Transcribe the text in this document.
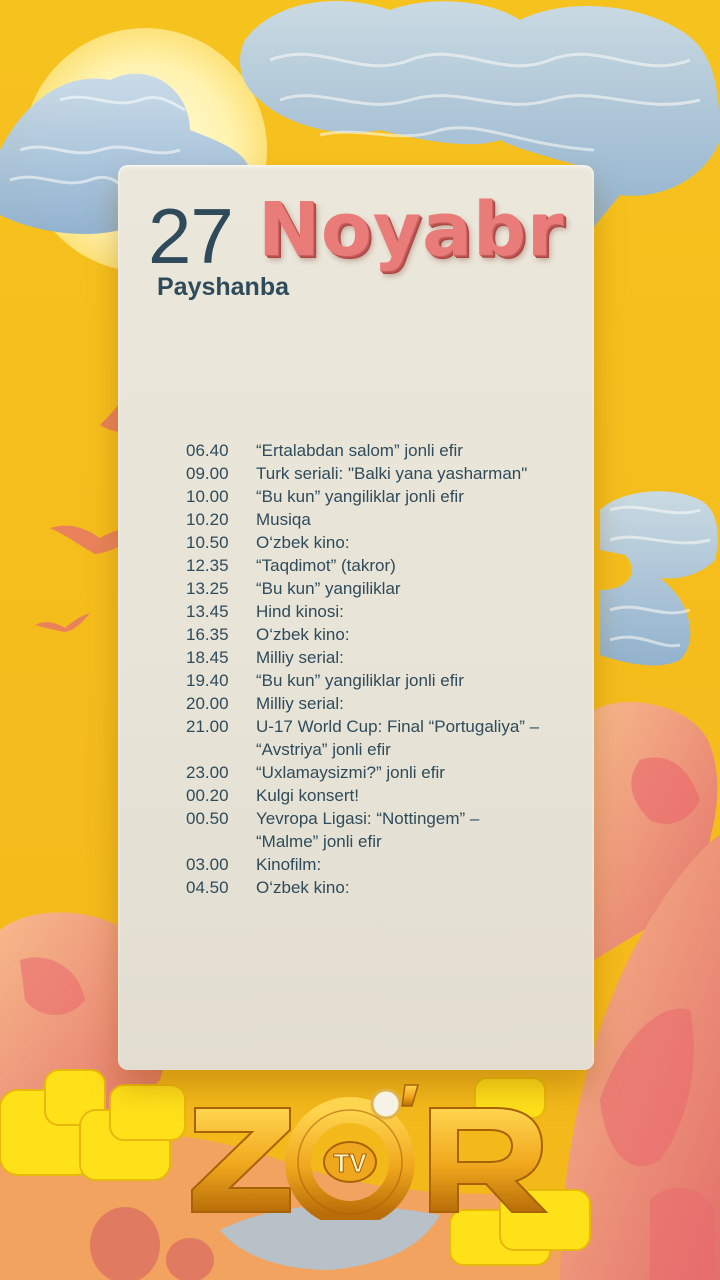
27
Payshanba
Noyabr
06.40	“Ertalabdan salom” jonli efir
09.00	Turk seriali: "Balki yana yasharman"
10.00	“Bu kun” yangiliklar jonli efir
10.20	Musiqa
10.50	O‘zbek kino:
12.35	“Taqdimot” (takror)
13.25	“Bu kun” yangiliklar
13.45	Hind kinosi:
16.35	O‘zbek kino:
18.45	Milliy serial:
19.40	“Bu kun” yangiliklar jonli efir
20.00	Milliy serial:
21.00	U-17 World Cup: Final “Portugaliya” – “Avstriya” jonli efir
23.00	“Uxlamaysizmi?” jonli efir
00.20	Kulgi konsert!
00.50	Yevropa Ligasi: “Nottingem” – “Malme” jonli efir
03.00	Kinofilm:
04.50	O‘zbek kino:
TV
